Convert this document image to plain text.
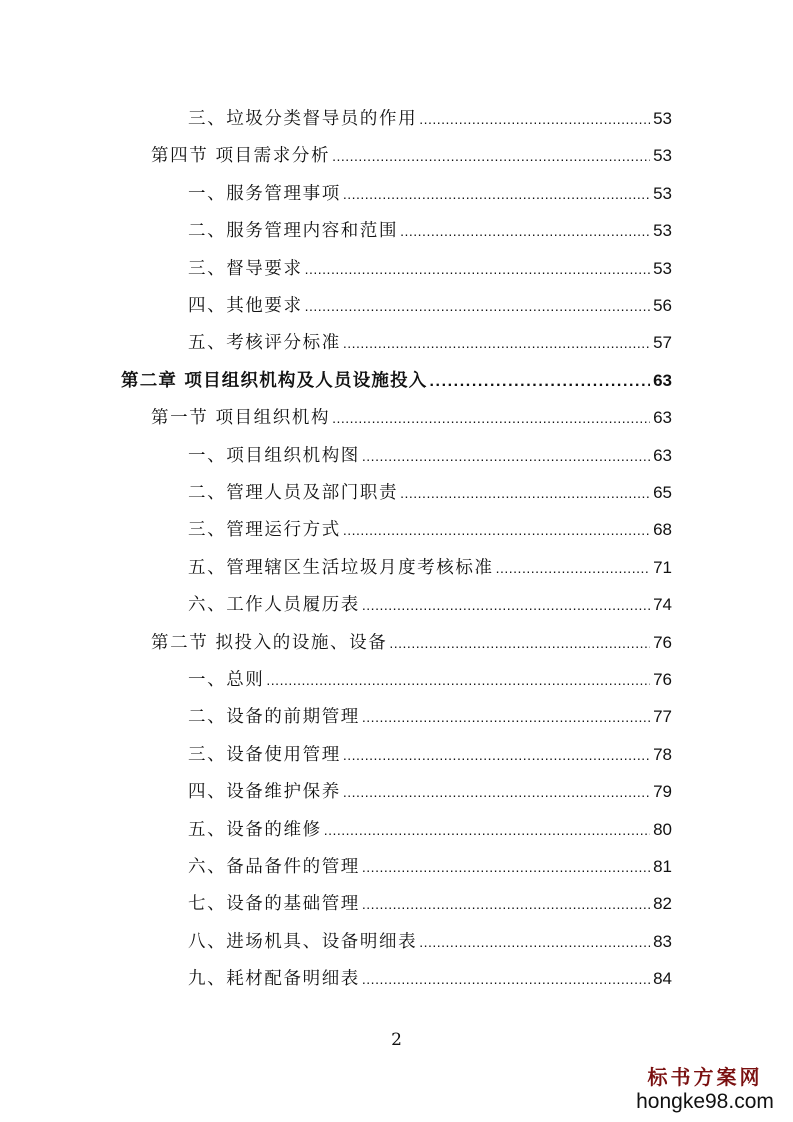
三、垃圾分类督导员的作用 .....	53
第四节 项目需求分析 .....	53
一、服务管理事项 .....	53
二、服务管理内容和范围 .....	53
三、督导要求 .....	53
四、其他要求 .....	56
五、考核评分标准 .....	57
第二章 项目组织机构及人员设施投入 .....	63
第一节 项目组织机构 .....	63
一、项目组织机构图 .....	63
二、管理人员及部门职责 .....	65
三、管理运行方式 .....	68
五、管理辖区生活垃圾月度考核标准 .....	71
六、工作人员履历表 .....	74
第二节 拟投入的设施、设备 .....	76
一、总则 .....	76
二、设备的前期管理 .....	77
三、设备使用管理 .....	78
四、设备维护保养 .....	79
五、设备的维修 .....	80
六、备品备件的管理 .....	81
七、设备的基础管理 .....	82
八、进场机具、设备明细表 .....	83
九、耗材配备明细表 .....	84
2
标书方案网
hongke98.com
